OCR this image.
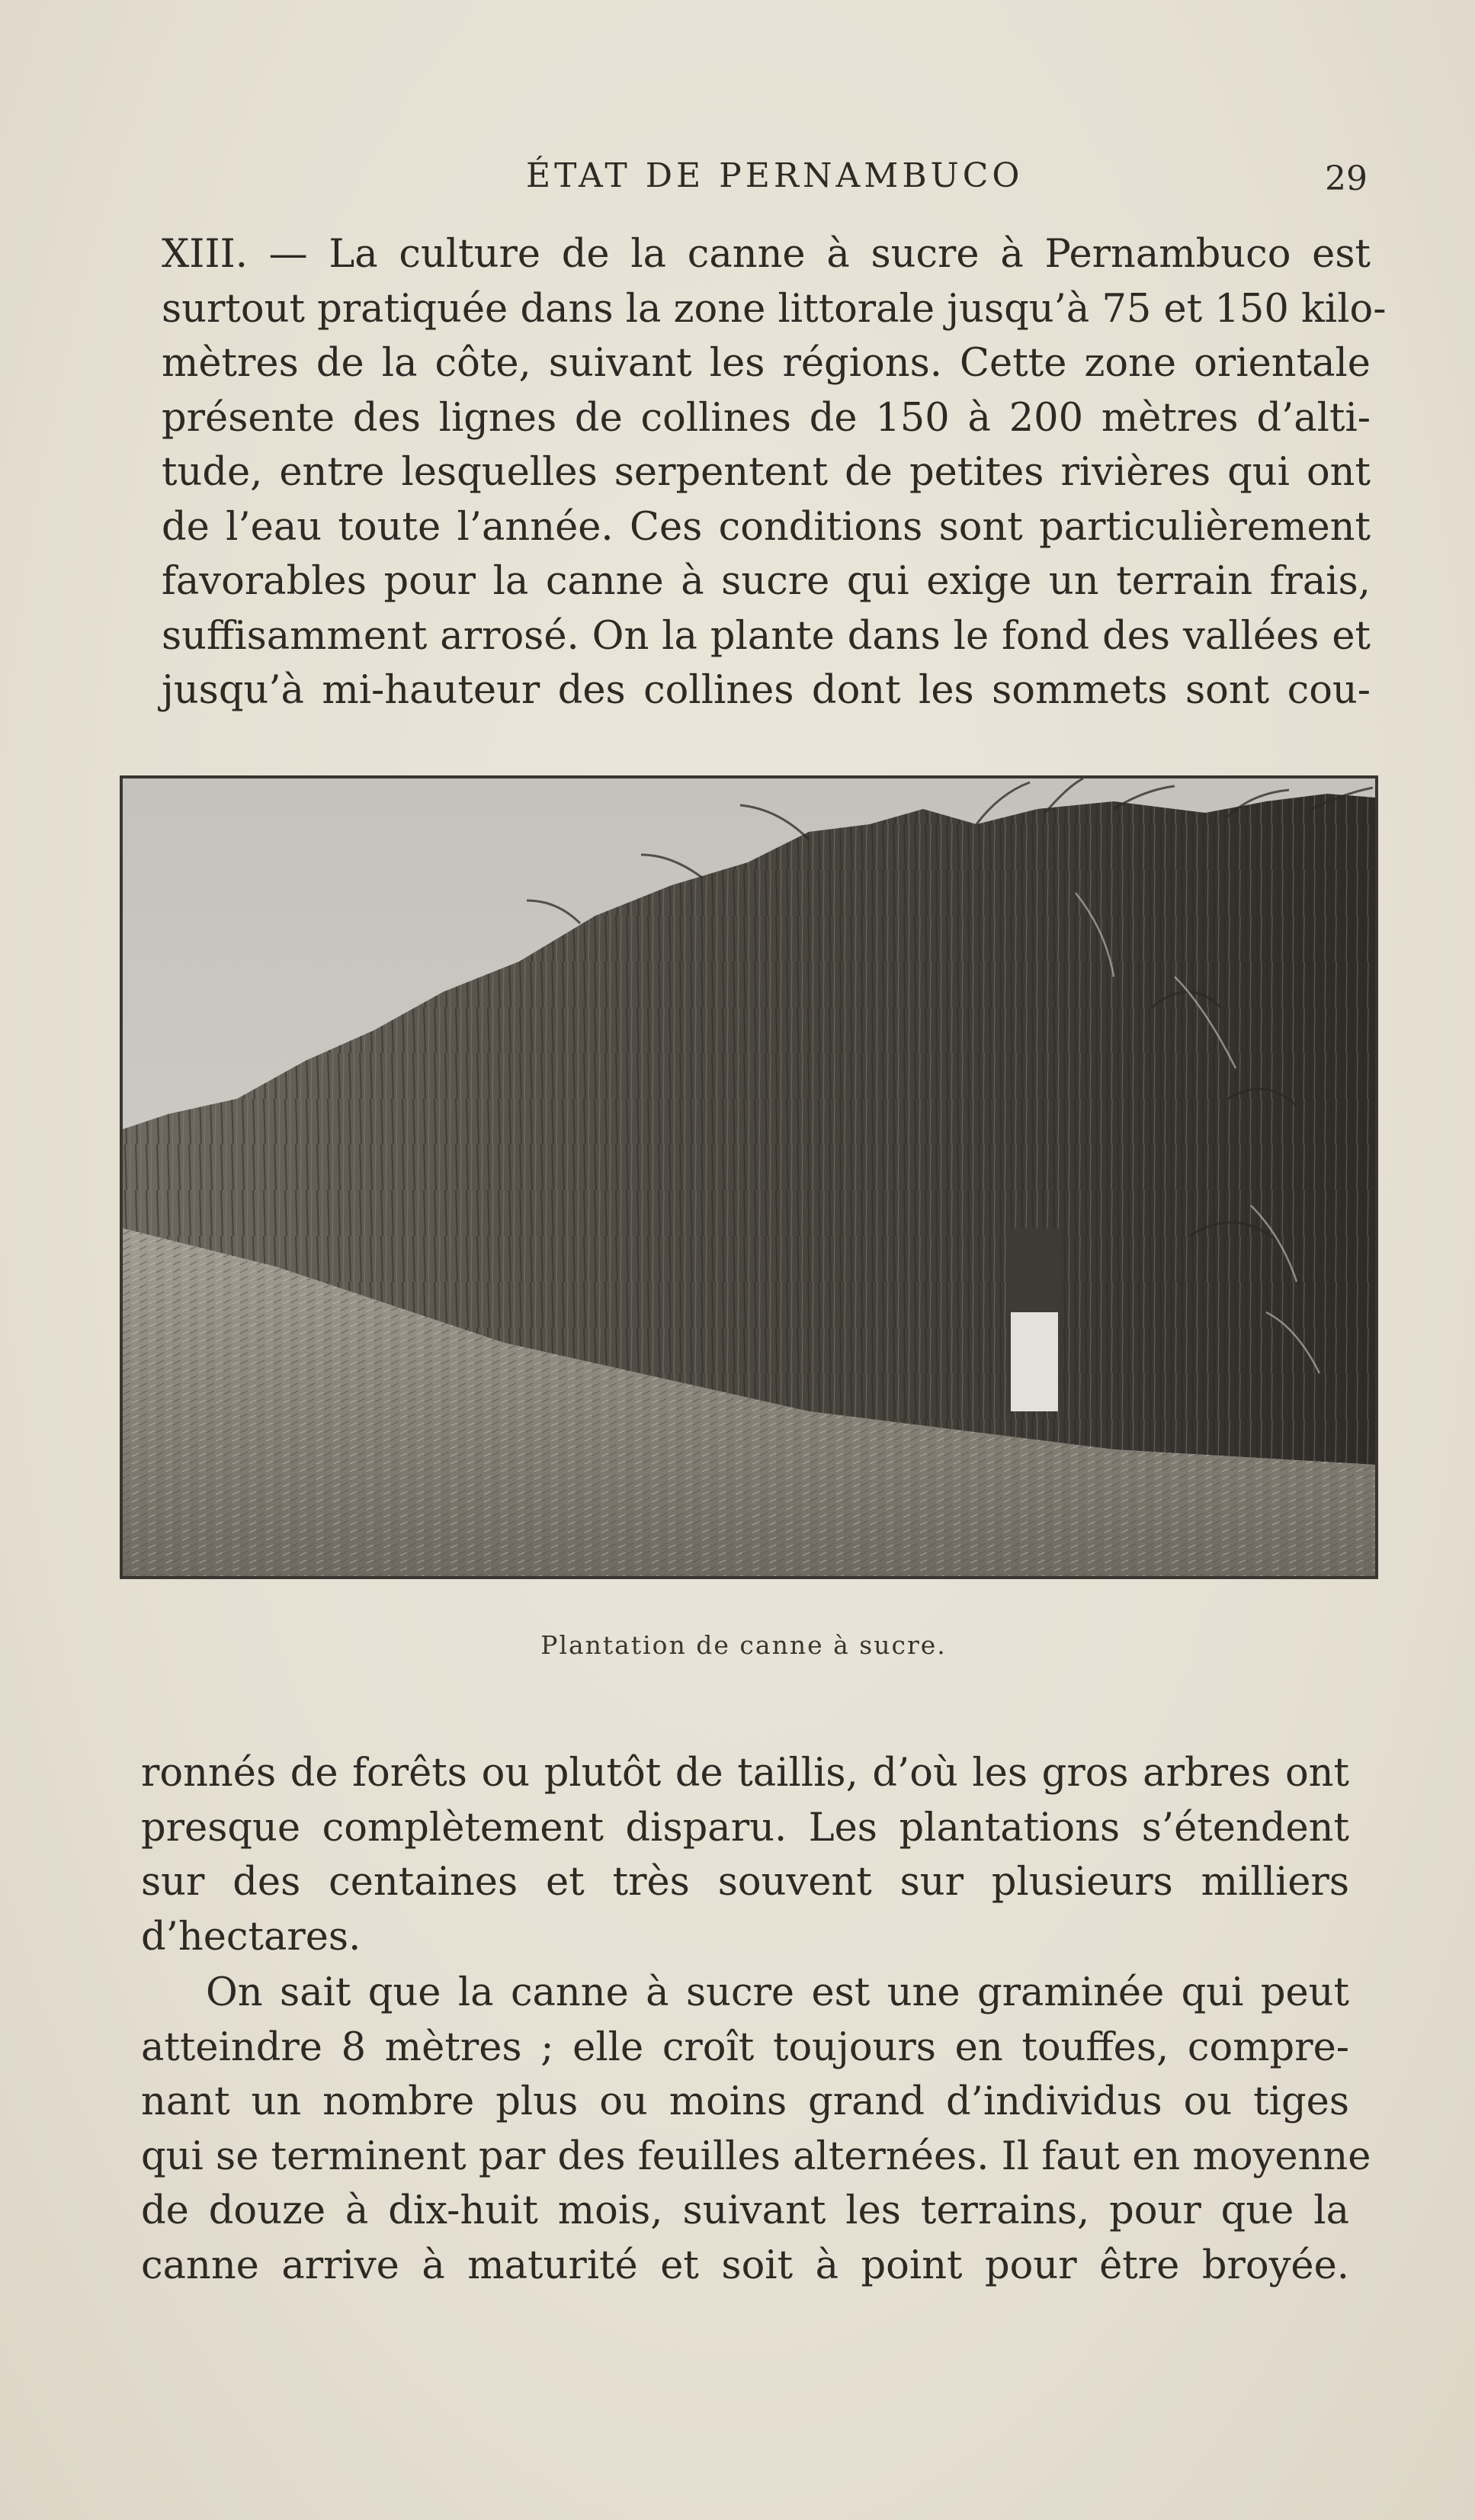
ÉTAT DE PERNAMBUCO	29
XIII. — La culture de la canne à sucre à Pernambuco est
surtout pratiquée dans la zone littorale jusqu’à 75 et 150 kilo-
mètres de la côte, suivant les régions. Cette zone orientale
présente des lignes de collines de 150 à 200 mètres d’alti-
tude, entre lesquelles serpentent de petites rivières qui ont
de l’eau toute l’année. Ces conditions sont particulièrement
favorables pour la canne à sucre qui exige un terrain frais,
suffisamment arrosé. On la plante dans le fond des vallées et
jusqu’à mi-hauteur des collines dont les sommets sont cou-
Plantation de canne à sucre.
ronnés de forêts ou plutôt de taillis, d’où les gros arbres ont
presque complètement disparu. Les plantations s’étendent
sur des centaines et très souvent sur plusieurs milliers
d’hectares.
On sait que la canne à sucre est une graminée qui peut
atteindre 8 mètres ; elle croît toujours en touffes, compre-
nant un nombre plus ou moins grand d’individus ou tiges
qui se terminent par des feuilles alternées. Il faut en moyenne
de douze à dix-huit mois, suivant les terrains, pour que la
canne arrive à maturité et soit à point pour être broyée.
